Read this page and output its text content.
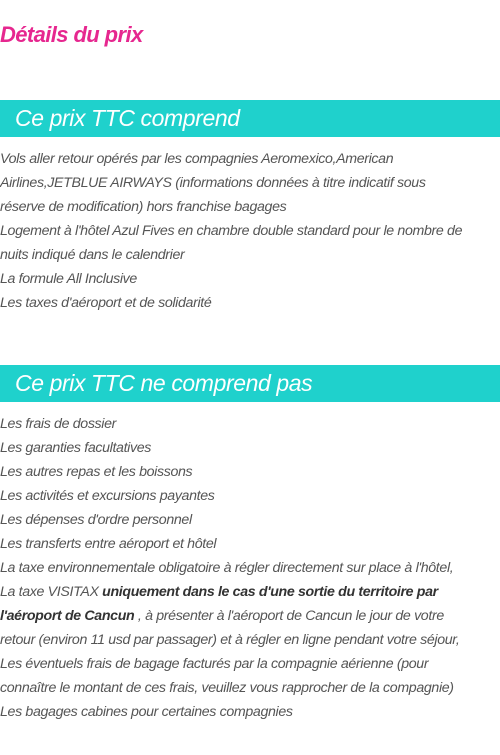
Détails du prix
Ce prix TTC comprend
Vols aller retour opérés par les compagnies Aeromexico,American
Airlines,JETBLUE AIRWAYS (informations données à titre indicatif sous
réserve de modification) hors franchise bagages
Logement à l'hôtel Azul Fives en chambre double standard pour le nombre de
nuits indiqué dans le calendrier
La formule All Inclusive
Les taxes d'aéroport et de solidarité
Ce prix TTC ne comprend pas
Les frais de dossier
Les garanties facultatives
Les autres repas et les boissons
Les activités et excursions payantes
Les dépenses d'ordre personnel
Les transferts entre aéroport et hôtel
La taxe environnementale obligatoire à régler directement sur place à l'hôtel,
La taxe VISITAX uniquement dans le cas d'une sortie du territoire par
l'aéroport de Cancun , à présenter à l'aéroport de Cancun le jour de votre
retour (environ 11 usd par passager) et à régler en ligne pendant votre séjour,
Les éventuels frais de bagage facturés par la compagnie aérienne (pour
connaître le montant de ces frais, veuillez vous rapprocher de la compagnie)
Les bagages cabines pour certaines compagnies
